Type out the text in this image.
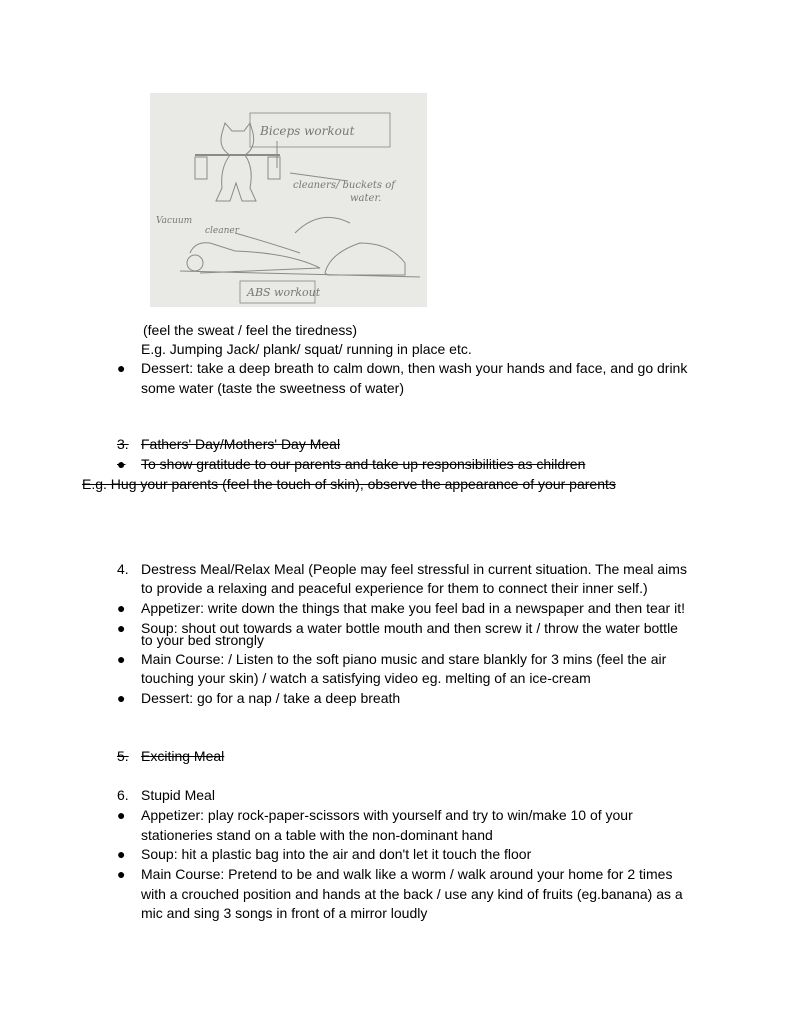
Biceps workout
cleaners/ buckets of
water.
Vacuum
cleaner
ABS workout
(feel the sweat / feel the tiredness)
E.g. Jumping Jack/ plank/ squat/ running in place etc.
● Dessert: take a deep breath to calm down, then wash your hands and face, and go drink
some water (taste the sweetness of water)
3. Fathers' Day/Mothers' Day Meal
● To show gratitude to our parents and take up responsibilities as children
E.g. Hug your parents (feel the touch of skin), observe the appearance of your parents
4. Destress Meal/Relax Meal (People may feel stressful in current situation. The meal aims
to provide a relaxing and peaceful experience for them to connect their inner self.)
● Appetizer: write down the things that make you feel bad in a newspaper and then tear it!
● Soup: shout out towards a water bottle mouth and then screw it / throw the water bottle
to your bed strongly
● Main Course: / Listen to the soft piano music and stare blankly for 3 mins (feel the air
touching your skin) / watch a satisfying video eg. melting of an ice-cream
● Dessert: go for a nap / take a deep breath
5. Exciting Meal
6. Stupid Meal
● Appetizer: play rock-paper-scissors with yourself and try to win/make 10 of your
stationeries stand on a table with the non-dominant hand
● Soup: hit a plastic bag into the air and don't let it touch the floor
● Main Course: Pretend to be and walk like a worm / walk around your home for 2 times
with a crouched position and hands at the back / use any kind of fruits (eg.banana) as a
mic and sing 3 songs in front of a mirror loudly
